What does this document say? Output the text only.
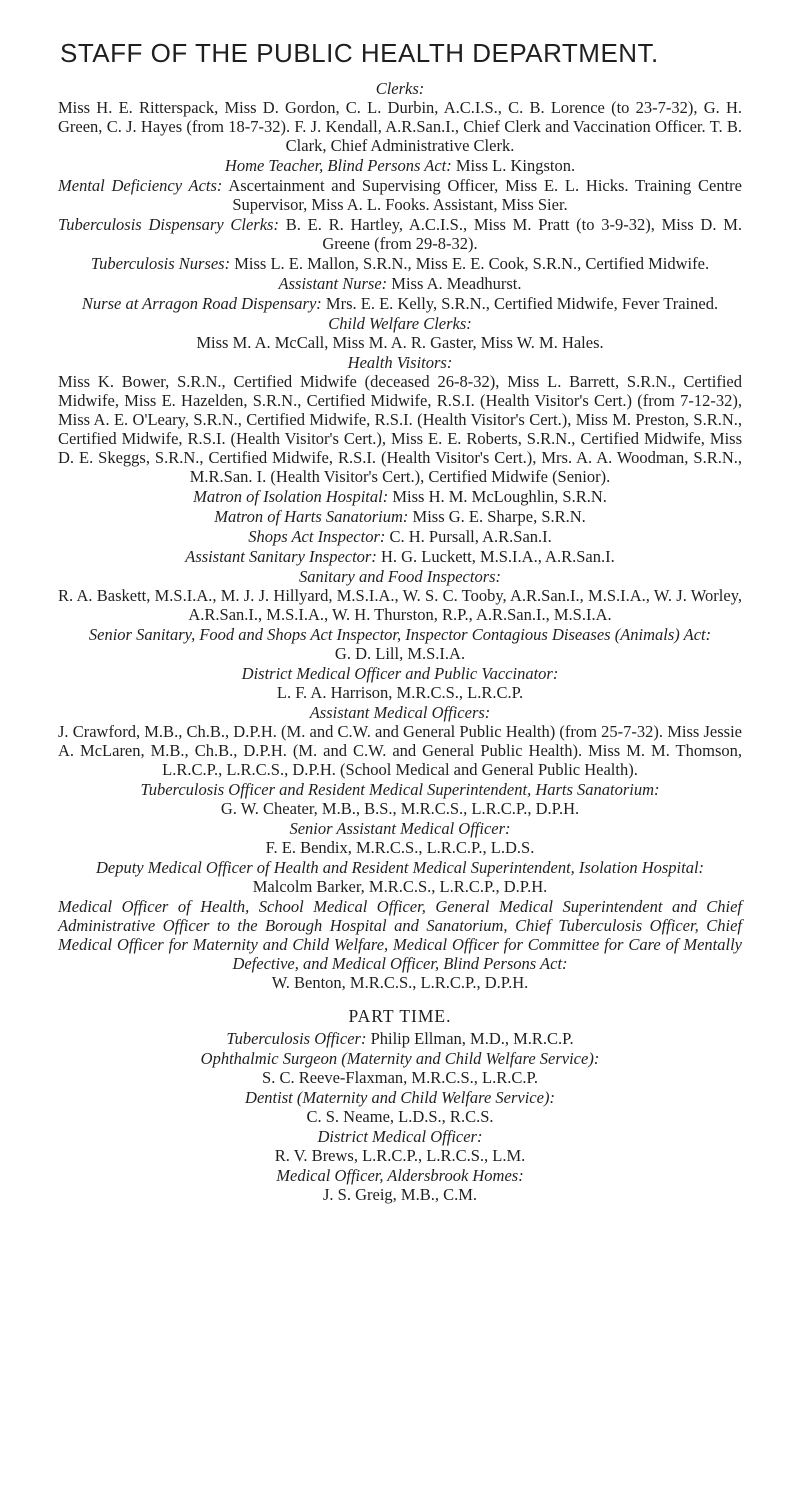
STAFF OF THE PUBLIC HEALTH DEPARTMENT.
Clerks:
Miss H. E. Ritterspack, Miss D. Gordon, C. L. Durbin, A.C.I.S., C. B. Lorence (to 23-7-32), G. H. Green, C. J. Hayes (from 18-7-32). F. J. Kendall, A.R.San.I., Chief Clerk and Vaccination Officer. T. B. Clark, Chief Administrative Clerk.
Home Teacher, Blind Persons Act: Miss L. Kingston.
Mental Deficiency Acts: Ascertainment and Supervising Officer, Miss E. L. Hicks. Training Centre Supervisor, Miss A. L. Fooks. Assistant, Miss Sier.
Tuberculosis Dispensary Clerks: B. E. R. Hartley, A.C.I.S., Miss M. Pratt (to 3-9-32), Miss D. M. Greene (from 29-8-32).
Tuberculosis Nurses: Miss L. E. Mallon, S.R.N., Miss E. E. Cook, S.R.N., Certified Midwife.
Assistant Nurse: Miss A. Meadhurst.
Nurse at Arragon Road Dispensary: Mrs. E. E. Kelly, S.R.N., Certified Midwife, Fever Trained.
Child Welfare Clerks:
Miss M. A. McCall, Miss M. A. R. Gaster, Miss W. M. Hales.
Health Visitors:
Miss K. Bower, S.R.N., Certified Midwife (deceased 26-8-32), Miss L. Barrett, S.R.N., Certified Midwife, Miss E. Hazelden, S.R.N., Certified Midwife, R.S.I. (Health Visitor's Cert.) (from 7-12-32), Miss A. E. O'Leary, S.R.N., Certified Midwife, R.S.I. (Health Visitor's Cert.), Miss M. Preston, S.R.N., Certified Midwife, R.S.I. (Health Visitor's Cert.), Miss E. E. Roberts, S.R.N., Certified Midwife, Miss D. E. Skeggs, S.R.N., Certified Midwife, R.S.I. (Health Visitor's Cert.), Mrs. A. A. Woodman, S.R.N., M.R.San. I. (Health Visitor's Cert.), Certified Midwife (Senior).
Matron of Isolation Hospital: Miss H. M. McLoughlin, S.R.N.
Matron of Harts Sanatorium: Miss G. E. Sharpe, S.R.N.
Shops Act Inspector: C. H. Pursall, A.R.San.I.
Assistant Sanitary Inspector: H. G. Luckett, M.S.I.A., A.R.San.I.
Sanitary and Food Inspectors:
R. A. Baskett, M.S.I.A., M. J. J. Hillyard, M.S.I.A., W. S. C. Tooby, A.R.San.I., M.S.I.A., W. J. Worley, A.R.San.I., M.S.I.A., W. H. Thurston, R.P., A.R.San.I., M.S.I.A.
Senior Sanitary, Food and Shops Act Inspector, Inspector Contagious Diseases (Animals) Act:
G. D. Lill, M.S.I.A.
District Medical Officer and Public Vaccinator:
L. F. A. Harrison, M.R.C.S., L.R.C.P.
Assistant Medical Officers:
J. Crawford, M.B., Ch.B., D.P.H. (M. and C.W. and General Public Health) (from 25-7-32). Miss Jessie A. McLaren, M.B., Ch.B., D.P.H. (M. and C.W. and General Public Health). Miss M. M. Thomson, L.R.C.P., L.R.C.S., D.P.H. (School Medical and General Public Health).
Tuberculosis Officer and Resident Medical Superintendent, Harts Sanatorium:
G. W. Cheater, M.B., B.S., M.R.C.S., L.R.C.P., D.P.H.
Senior Assistant Medical Officer:
F. E. Bendix, M.R.C.S., L.R.C.P., L.D.S.
Deputy Medical Officer of Health and Resident Medical Superintendent, Isolation Hospital:
Malcolm Barker, M.R.C.S., L.R.C.P., D.P.H.
Medical Officer of Health, School Medical Officer, General Medical Superintendent and Chief Administrative Officer to the Borough Hospital and Sanatorium, Chief Tuberculosis Officer, Chief Medical Officer for Maternity and Child Welfare, Medical Officer for Committee for Care of Mentally Defective, and Medical Officer, Blind Persons Act:
W. Benton, M.R.C.S., L.R.C.P., D.P.H.
PART TIME.
Tuberculosis Officer: Philip Ellman, M.D., M.R.C.P.
Ophthalmic Surgeon (Maternity and Child Welfare Service):
S. C. Reeve-Flaxman, M.R.C.S., L.R.C.P.
Dentist (Maternity and Child Welfare Service):
C. S. Neame, L.D.S., R.C.S.
District Medical Officer:
R. V. Brews, L.R.C.P., L.R.C.S., L.M.
Medical Officer, Aldersbrook Homes:
J. S. Greig, M.B., C.M.
